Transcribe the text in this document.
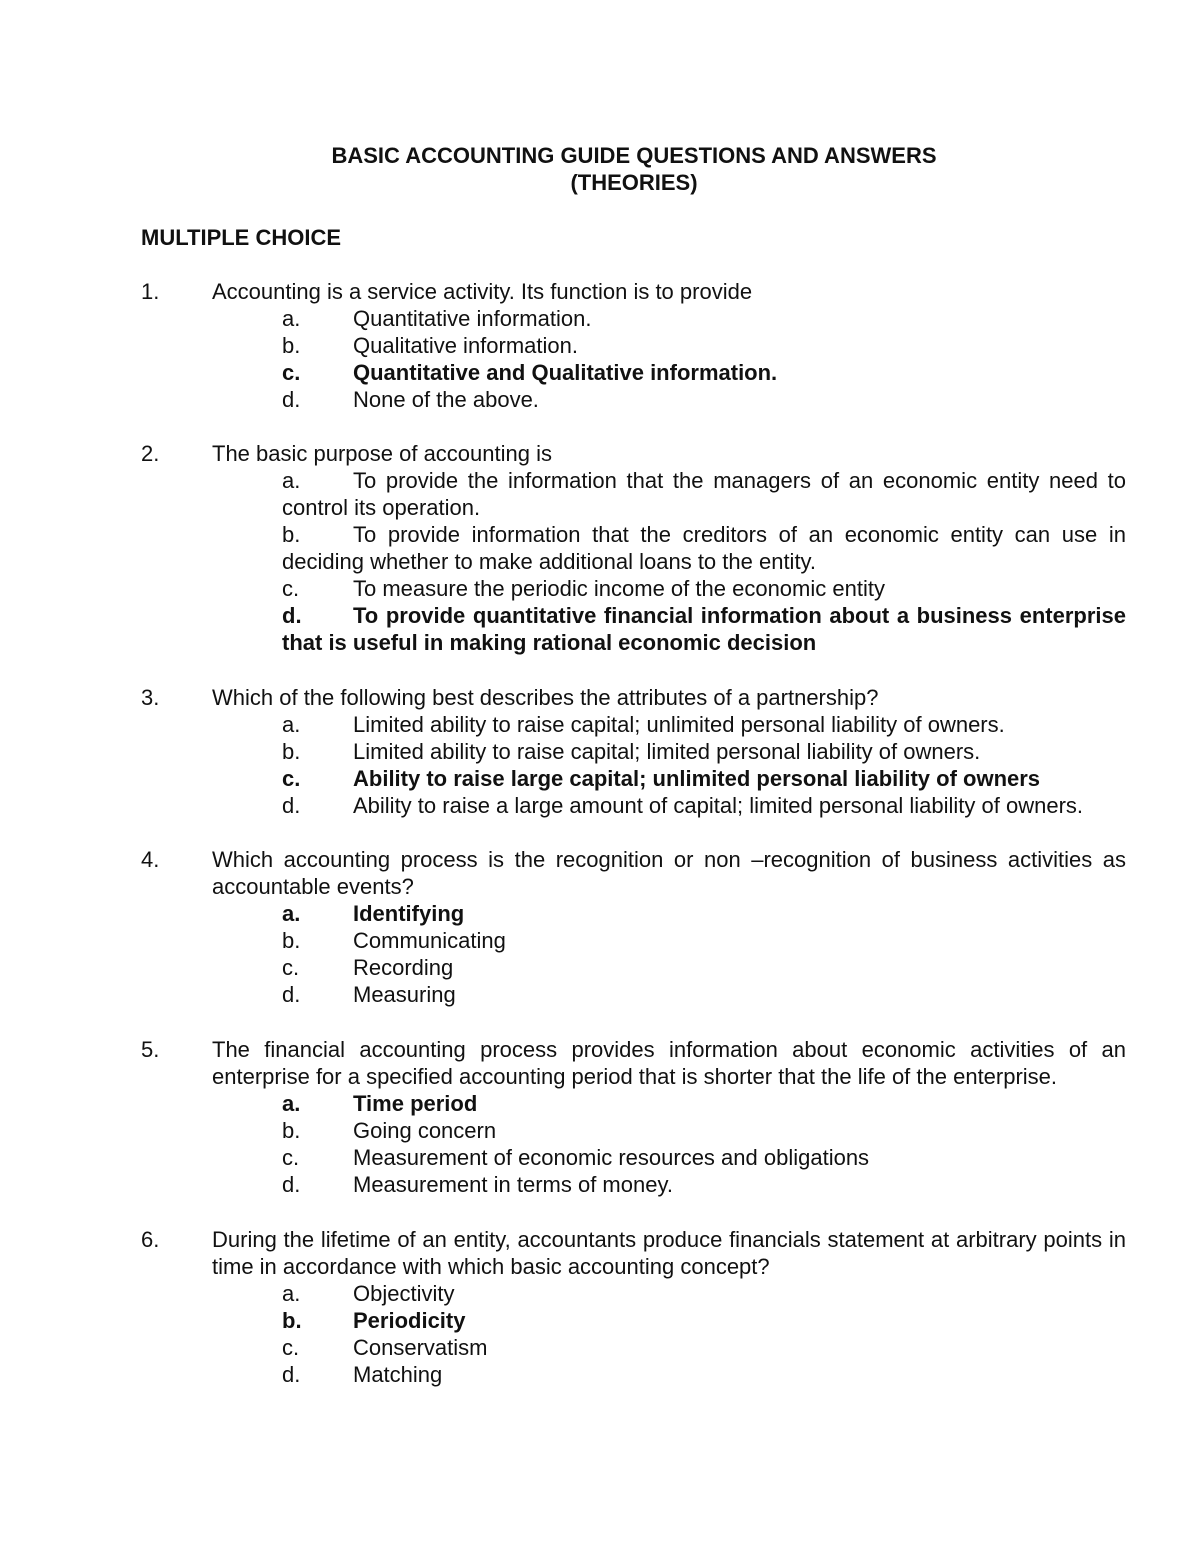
BASIC ACCOUNTING GUIDE QUESTIONS AND ANSWERS
(THEORIES)
MULTIPLE CHOICE
1. Accounting is a service activity. Its function is to provide
a. Quantitative information.
b. Qualitative information.
c. Quantitative and Qualitative information.
d. None of the above.
2. The basic purpose of accounting is
a. To provide the information that the managers of an economic entity need to control its operation.
b. To provide information that the creditors of an economic entity can use in deciding whether to make additional loans to the entity.
c. To measure the periodic income of the economic entity
d. To provide quantitative financial information about a business enterprise that is useful in making rational economic decision
3. Which of the following best describes the attributes of a partnership?
a. Limited ability to raise capital; unlimited personal liability of owners.
b. Limited ability to raise capital; limited personal liability of owners.
c. Ability to raise large capital; unlimited personal liability of owners
d. Ability to raise a large amount of capital; limited personal liability of owners.
4. Which accounting process is the recognition or non –recognition of business activities as accountable events?
a. Identifying
b. Communicating
c. Recording
d. Measuring
5. The financial accounting process provides information about economic activities of an enterprise for a specified accounting period that is shorter that the life of the enterprise.
a. Time period
b. Going concern
c. Measurement of economic resources and obligations
d. Measurement in terms of money.
6. During the lifetime of an entity, accountants produce financials statement at arbitrary points in time in accordance with which basic accounting concept?
a. Objectivity
b. Periodicity
c. Conservatism
d. Matching
